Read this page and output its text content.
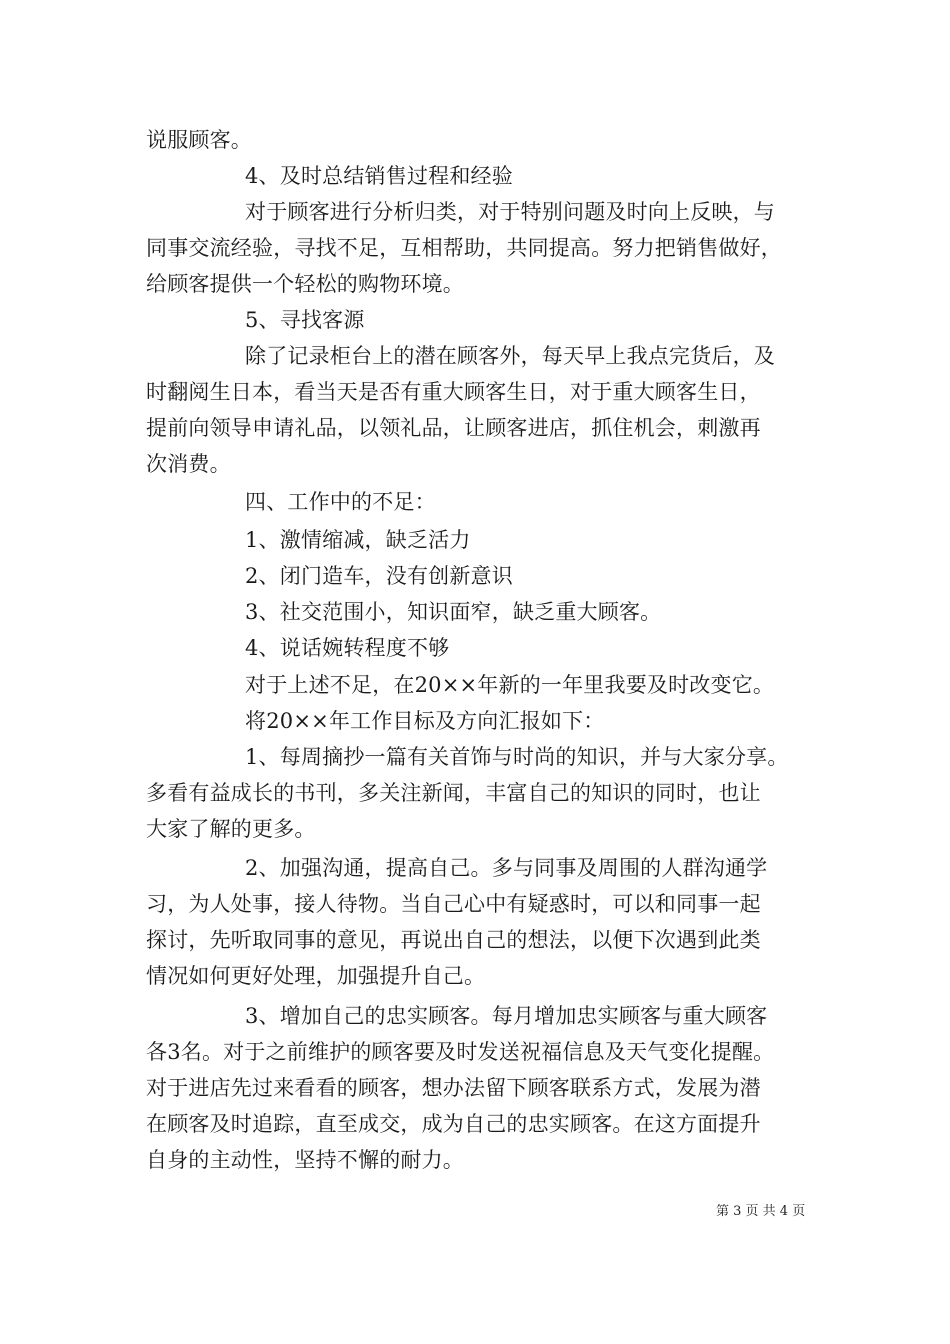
说服顾客。
4、及时总结销售过程和经验
对于顾客进行分析归类，对于特别问题及时向上反映，与
同事交流经验，寻找不足，互相帮助，共同提高。努力把销售做好，
给顾客提供一个轻松的购物环境。
5、寻找客源
除了记录柜台上的潜在顾客外，每天早上我点完货后，及
时翻阅生日本，看当天是否有重大顾客生日，对于重大顾客生日，
提前向领导申请礼品，以领礼品，让顾客进店，抓住机会，刺激再
次消费。
四、工作中的不足：
1、激情缩减，缺乏活力
2、闭门造车，没有创新意识
3、社交范围小，知识面窄，缺乏重大顾客。
4、说话婉转程度不够
对于上述不足，在20××年新的一年里我要及时改变它。
将20××年工作目标及方向汇报如下：
1、每周摘抄一篇有关首饰与时尚的知识，并与大家分享。
多看有益成长的书刊，多关注新闻，丰富自己的知识的同时，也让
大家了解的更多。
2、加强沟通，提高自己。多与同事及周围的人群沟通学
习，为人处事，接人待物。当自己心中有疑惑时，可以和同事一起
探讨，先听取同事的意见，再说出自己的想法，以便下次遇到此类
情况如何更好处理，加强提升自己。
3、增加自己的忠实顾客。每月增加忠实顾客与重大顾客
各3名。对于之前维护的顾客要及时发送祝福信息及天气变化提醒。
对于进店先过来看看的顾客，想办法留下顾客联系方式，发展为潜
在顾客及时追踪，直至成交，成为自己的忠实顾客。在这方面提升
自身的主动性，坚持不懈的耐力。
第 3 页 共 4 页
